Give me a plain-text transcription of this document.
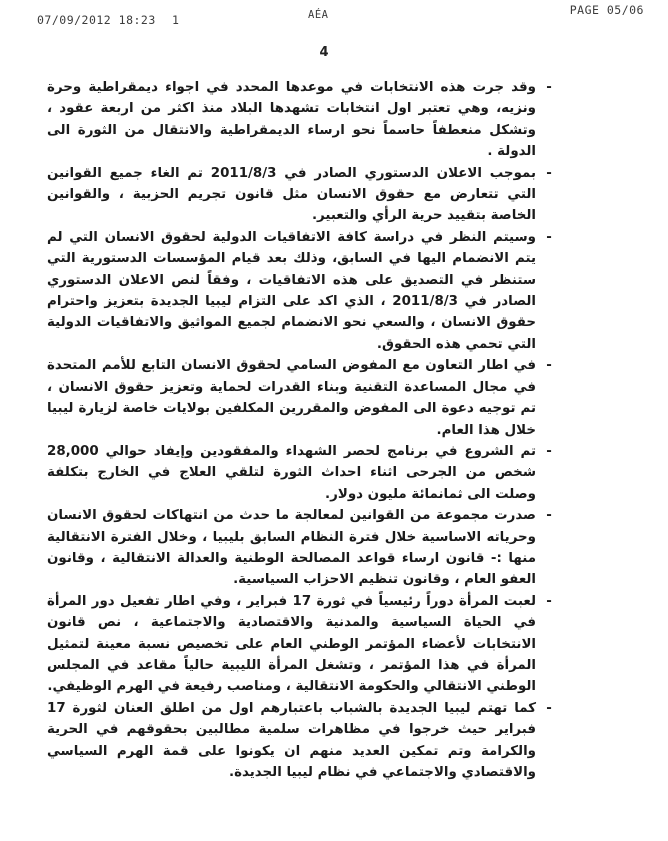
07/09/2012 18:23 1	AÉA	PAGE 05/06
4
-
وقد جرت هذه الانتخابات في موعدها المحدد في اجواء ديمقراطية وحرة ونزيه، وهي تعتبر اول انتخابات تشهدها البلاد منذ اكثر من اربعة عقود ، وتشكل منعطفاً حاسماً نحو ارساء الديمقراطية والانتقال من الثورة الى الدولة .
-
بموجب الاعلان الدستوري الصادر في 2011/8/3 تم الغاء جميع القوانين التي تتعارض مع حقوق الانسان مثل قانون تجريم الحزبية ، والقوانين الخاصة بتقييد حرية الرأي والتعبير.
-
وسيتم النظر في دراسة كافة الاتفاقيات الدولية لحقوق الانسان التي لم يتم الانضمام اليها في السابق، وذلك بعد قيام المؤسسات الدستورية التي ستنظر في التصديق على هذه الاتفاقيات ، وفقاً لنص الاعلان الدستوري الصادر في 2011/8/3 ، الذي اكد على التزام ليبيا الجديدة بتعزيز واحترام حقوق الانسان ، والسعي نحو الانضمام لجميع المواثيق والاتفاقيات الدولية التي تحمي هذه الحقوق.
-
في اطار التعاون مع المفوض السامي لحقوق الانسان التابع للأمم المتحدة في مجال المساعدة التقنية وبناء القدرات لحماية وتعزيز حقوق الانسان ، تم توجيه دعوة الى المفوض والمقررين المكلفين بولايات خاصة لزيارة ليبيا خلال هذا العام.
-
تم الشروع في برنامج لحصر الشهداء والمفقودين وإيفاد حوالي 28,000 شخص من الجرحى اثناء احداث الثورة لتلقي العلاج في الخارج بتكلفة وصلت الى ثمانمائة مليون دولار.
-
صدرت مجموعة من القوانين لمعالجة ما حدث من انتهاكات لحقوق الانسان وحرياته الاساسية خلال فترة النظام السابق بليبيا ، وخلال الفترة الانتقالية منها :- قانون ارساء قواعد المصالحة الوطنية والعدالة الانتقالية ، وقانون العفو العام ، وقانون تنظيم الاحزاب السياسية.
-
لعبت المرأة دوراً رئيسياً في ثورة 17 فبراير ، وفي اطار تفعيل دور المرأة في الحياة السياسية والمدنية والاقتصادية والاجتماعية ، نص قانون الانتخابات لأعضاء المؤتمر الوطني العام على تخصيص نسبة معينة لتمثيل المرأة في هذا المؤتمر ، وتشغل المرأة الليبية حالياً مقاعد في المجلس الوطني الانتقالي والحكومة الانتقالية ، ومناصب رفيعة في الهرم الوظيفي.
-
كما تهتم ليبيا الجديدة بالشباب باعتبارهم اول من اطلق العنان لثورة 17 فبراير حيث خرجوا في مظاهرات سلمية مطالبين بحقوقهم في الحرية والكرامة وتم تمكين العديد منهم ان يكونوا على قمة الهرم السياسي والاقتصادي والاجتماعي في نظام ليبيا الجديدة.
